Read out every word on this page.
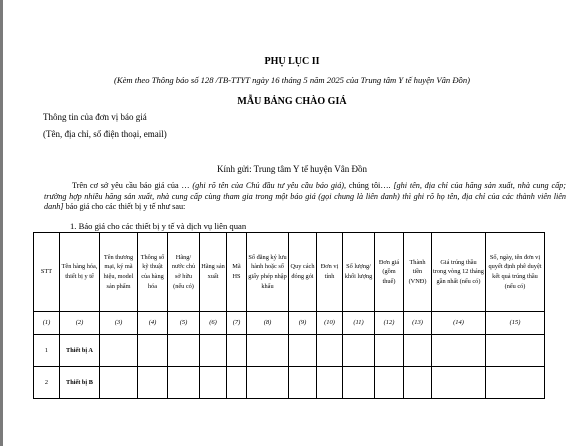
PHỤ LỤC II
(Kèm theo Thông báo số 128 /TB-TTYT ngày 16 tháng 5 năm 2025 của Trung tâm Y tế huyện Vân Đồn)
MẪU BẢNG CHÀO GIÁ
Thông tin của đơn vị báo giá
(Tên, địa chỉ, số điện thoại, email)
Kính gửi: Trung tâm Y tế huyện Vân Đồn
Trên cơ sở yêu cầu báo giá của … (ghi rõ tên của Chủ đầu tư yêu cầu báo giá), chúng tôi…. [ghi tên, địa chỉ của hãng sản xuất, nhà cung cấp; trường hợp nhiều hãng sản xuất, nhà cung cấp cùng tham gia trong một báo giá (gọi chung là liên danh) thì ghi rõ họ tên, địa chỉ của các thành viên liên danh] báo giá cho các thiết bị y tế như sau:
1. Báo giá cho các thiết bị y tế và dịch vụ liên quan
STT	Tên hàng hóa, thiết bị y tế	Tên thương mại, ký mã hiệu, model sản phẩm	Thông số kỹ thuật của hàng hóa	Hãng/ nước chủ sở hữu (nếu có)	Hãng sản xuất	Mã HS	Số đăng ký lưu hành hoặc số giấy phép nhập khẩu	Quy cách đóng gói	Đơn vị tính	Số lượng/ khối lượng	Đơn giá (gồm thuế)	Thành tiền (VNĐ)	Giá trúng thầu trong vòng 12 tháng gần nhất (nếu có)	Số, ngày, tên đơn vị quyết định phê duyệt kết quả trúng thầu (nếu có)
(1)	(2)	(3)	(4)	(5)	(6)	(7)	(8)	(9)	(10)	(11)	(12)	(13)	(14)	(15)
1	Thiết bị A													
2	Thiết bị B													
